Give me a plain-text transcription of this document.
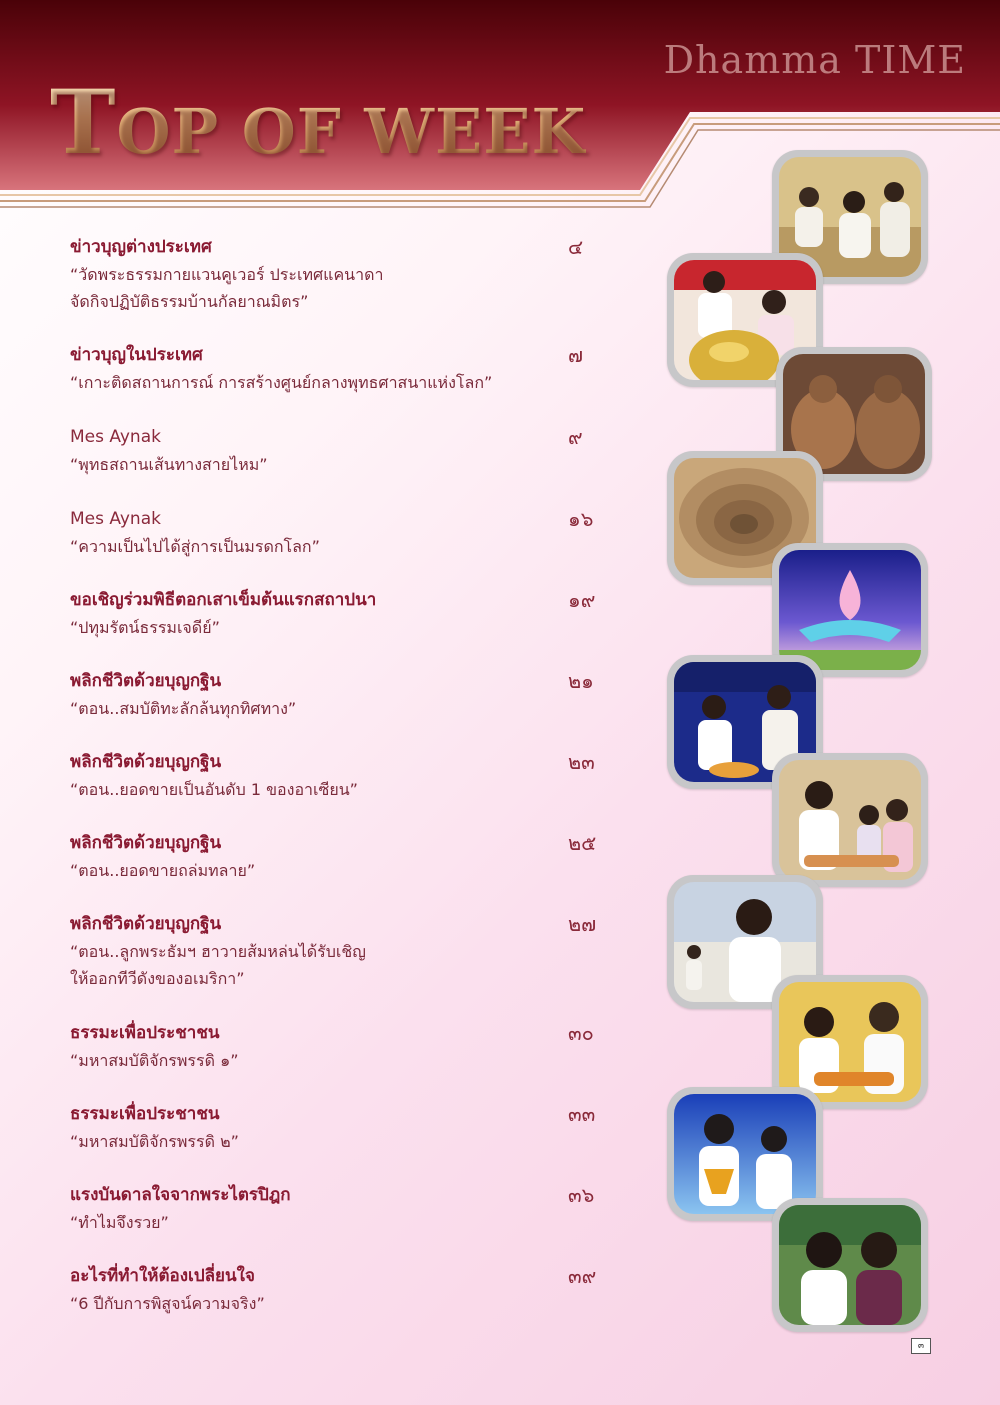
Dhamma TIME
TOP OF WEEK
ข่าวบุญต่างประเทศ
“วัดพระธรรมกายแวนคูเวอร์ ประเทศแคนาดา
จัดกิจปฏิบัติธรรมบ้านกัลยาณมิตร”
๔
ข่าวบุญในประเทศ
“เกาะติดสถานการณ์ การสร้างศูนย์กลางพุทธศาสนาแห่งโลก”
๗
Mes Aynak
“พุทธสถานเส้นทางสายไหม”
๙
Mes Aynak
“ความเป็นไปได้สู่การเป็นมรดกโลก”
๑๖
ขอเชิญร่วมพิธีตอกเสาเข็มต้นแรกสถาปนา
“ปทุมรัตน์ธรรมเจดีย์”
๑๙
พลิกชีวิตด้วยบุญกฐิน
“ตอน..สมบัติทะลักล้นทุกทิศทาง”
๒๑
พลิกชีวิตด้วยบุญกฐิน
“ตอน..ยอดขายเป็นอันดับ 1 ของอาเซียน”
๒๓
พลิกชีวิตด้วยบุญกฐิน
“ตอน..ยอดขายถล่มทลาย”
๒๕
พลิกชีวิตด้วยบุญกฐิน
“ตอน..ลูกพระธัมฯ ฮาวายส้มหล่นได้รับเชิญ
ให้ออกทีวีดังของอเมริกา”
๒๗
ธรรมะเพื่อประชาชน
“มหาสมบัติจักรพรรดิ ๑”
๓๐
ธรรมะเพื่อประชาชน
“มหาสมบัติจักรพรรดิ ๒”
๓๓
แรงบันดาลใจจากพระไตรปิฎก
“ทำไมจึงรวย”
๓๖
อะไรที่ทำให้ต้องเปลี่ยนใจ
“6 ปีกับการพิสูจน์ความจริง”
๓๙
๓
